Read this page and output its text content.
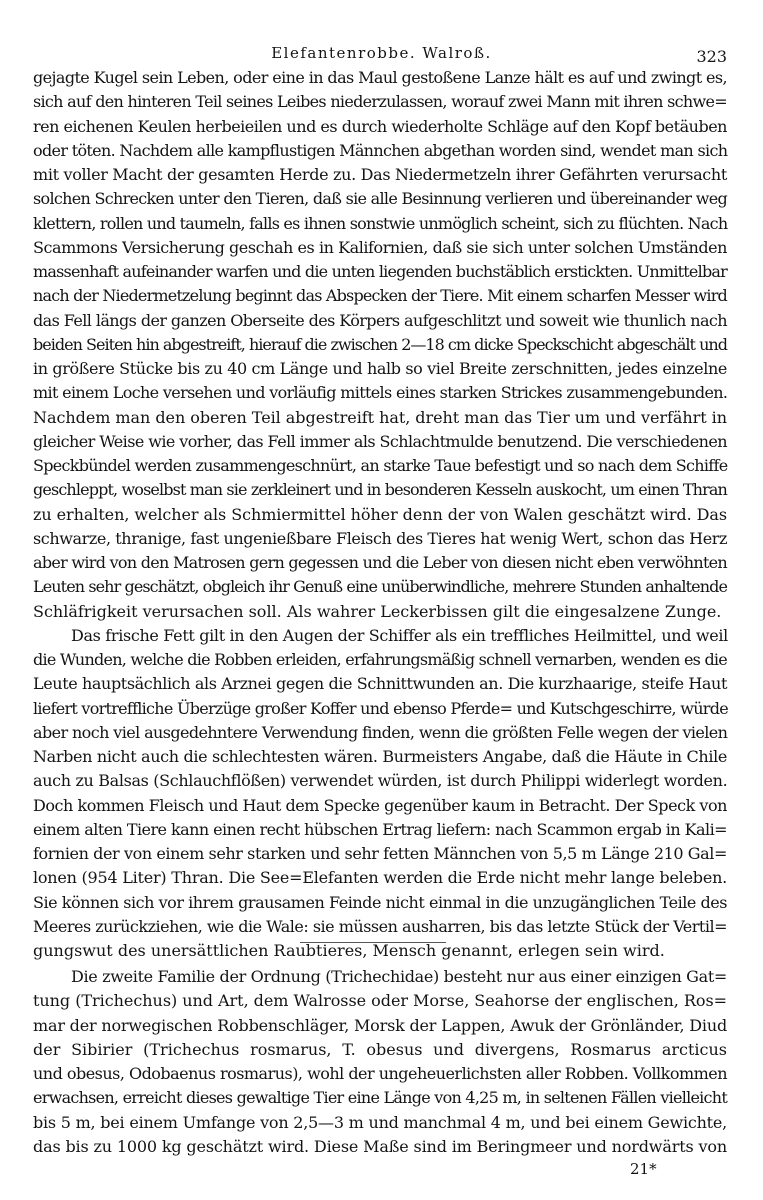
Elefantenrobbe. Walroß.	323
gejagte Kugel sein Leben, oder eine in das Maul gestoßene Lanze hält es auf und zwingt es,
sich auf den hinteren Teil seines Leibes niederzulassen, worauf zwei Mann mit ihren schwe=
ren eichenen Keulen herbeieilen und es durch wiederholte Schläge auf den Kopf betäuben
oder töten. Nachdem alle kampflustigen Männchen abgethan worden sind, wendet man sich
mit voller Macht der gesamten Herde zu. Das Niedermetzeln ihrer Gefährten verursacht
solchen Schrecken unter den Tieren, daß sie alle Besinnung verlieren und übereinander weg
klettern, rollen und taumeln, falls es ihnen sonstwie unmöglich scheint, sich zu flüchten. Nach
Scammons Versicherung geschah es in Kalifornien, daß sie sich unter solchen Umständen
massenhaft aufeinander warfen und die unten liegenden buchstäblich erstickten. Unmittelbar
nach der Niedermetzelung beginnt das Abspecken der Tiere. Mit einem scharfen Messer wird
das Fell längs der ganzen Oberseite des Körpers aufgeschlitzt und soweit wie thunlich nach
beiden Seiten hin abgestreift, hierauf die zwischen 2—18 cm dicke Speckschicht abgeschält und
in größere Stücke bis zu 40 cm Länge und halb so viel Breite zerschnitten, jedes einzelne
mit einem Loche versehen und vorläufig mittels eines starken Strickes zusammengebunden.
Nachdem man den oberen Teil abgestreift hat, dreht man das Tier um und verfährt in
gleicher Weise wie vorher, das Fell immer als Schlachtmulde benutzend. Die verschiedenen
Speckbündel werden zusammengeschnürt, an starke Taue befestigt und so nach dem Schiffe
geschleppt, woselbst man sie zerkleinert und in besonderen Kesseln auskocht, um einen Thran
zu erhalten, welcher als Schmiermittel höher denn der von Walen geschätzt wird. Das
schwarze, thranige, fast ungenießbare Fleisch des Tieres hat wenig Wert, schon das Herz
aber wird von den Matrosen gern gegessen und die Leber von diesen nicht eben verwöhnten
Leuten sehr geschätzt, obgleich ihr Genuß eine unüberwindliche, mehrere Stunden anhaltende
Schläfrigkeit verursachen soll. Als wahrer Leckerbissen gilt die eingesalzene Zunge.
Das frische Fett gilt in den Augen der Schiffer als ein treffliches Heilmittel, und weil
die Wunden, welche die Robben erleiden, erfahrungsmäßig schnell vernarben, wenden es die
Leute hauptsächlich als Arznei gegen die Schnittwunden an. Die kurzhaarige, steife Haut
liefert vortreffliche Überzüge großer Koffer und ebenso Pferde= und Kutschgeschirre, würde
aber noch viel ausgedehntere Verwendung finden, wenn die größten Felle wegen der vielen
Narben nicht auch die schlechtesten wären. Burmeisters Angabe, daß die Häute in Chile
auch zu Balsas (Schlauchflößen) verwendet würden, ist durch Philippi widerlegt worden.
Doch kommen Fleisch und Haut dem Specke gegenüber kaum in Betracht. Der Speck von
einem alten Tiere kann einen recht hübschen Ertrag liefern: nach Scammon ergab in Kali=
fornien der von einem sehr starken und sehr fetten Männchen von 5,5 m Länge 210 Gal=
lonen (954 Liter) Thran. Die See=Elefanten werden die Erde nicht mehr lange beleben.
Sie können sich vor ihrem grausamen Feinde nicht einmal in die unzugänglichen Teile des
Meeres zurückziehen, wie die Wale: sie müssen ausharren, bis das letzte Stück der Vertil=
gungswut des unersättlichen Raubtieres, Mensch genannt, erlegen sein wird.
Die zweite Familie der Ordnung (Trichechidae) besteht nur aus einer einzigen Gat=
tung (Trichechus) und Art, dem Walrosse oder Morse, Seahorse der englischen, Ros=
mar der norwegischen Robbenschläger, Morsk der Lappen, Awuk der Grönländer, Diud
der Sibirier (Trichechus rosmarus, T. obesus und divergens, Rosmarus arcticus
und obesus, Odobaenus rosmarus), wohl der ungeheuerlichsten aller Robben. Vollkommen
erwachsen, erreicht dieses gewaltige Tier eine Länge von 4,25 m, in seltenen Fällen vielleicht
bis 5 m, bei einem Umfange von 2,5—3 m und manchmal 4 m, und bei einem Gewichte,
das bis zu 1000 kg geschätzt wird. Diese Maße sind im Beringmeer und nordwärts von
21*
